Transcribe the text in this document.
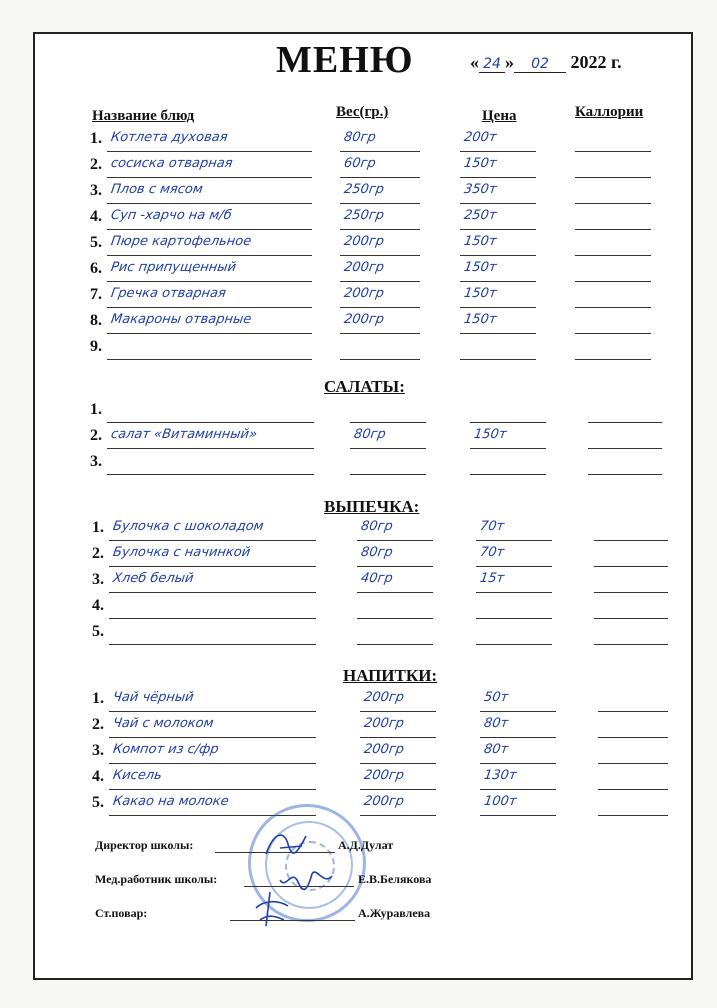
МЕНЮ	« 24 » 02 2022 г.
Название блюд	Вес(гр.)	Цена	Каллории
1. Котлета духовая	80гр	200т
2. сосиска отварная	60гр	150т
3. Плов с мясом	250гр	350т
4. Суп -харчо на м/б	250гр	250т
5. Пюре картофельное	200гр	150т
6. Рис припущенный	200гр	150т
7. Гречка отварная	200гр	150т
8. Макароны отварные	200гр	150т
9.
САЛАТЫ:
1.
2. салат «Витаминный»	80гр	150т
3.
ВЫПЕЧКА:
1. Булочка с шоколадом	80гр	70т
2. Булочка с начинкой	80гр	70т
3. Хлеб белый	40гр	15т
4.
5.
НАПИТКИ:
1. Чай чёрный	200гр	50т
2. Чай с молоком	200гр	80т
3. Компот из с/фр	200гр	80т
4. Кисель	200гр	130т
5. Какао на молоке	200гр	100т
Директор школы:	А.Д.Дулат
Мед.работник школы:	Е.В.Белякова
Ст.повар:	А.Журавлева
